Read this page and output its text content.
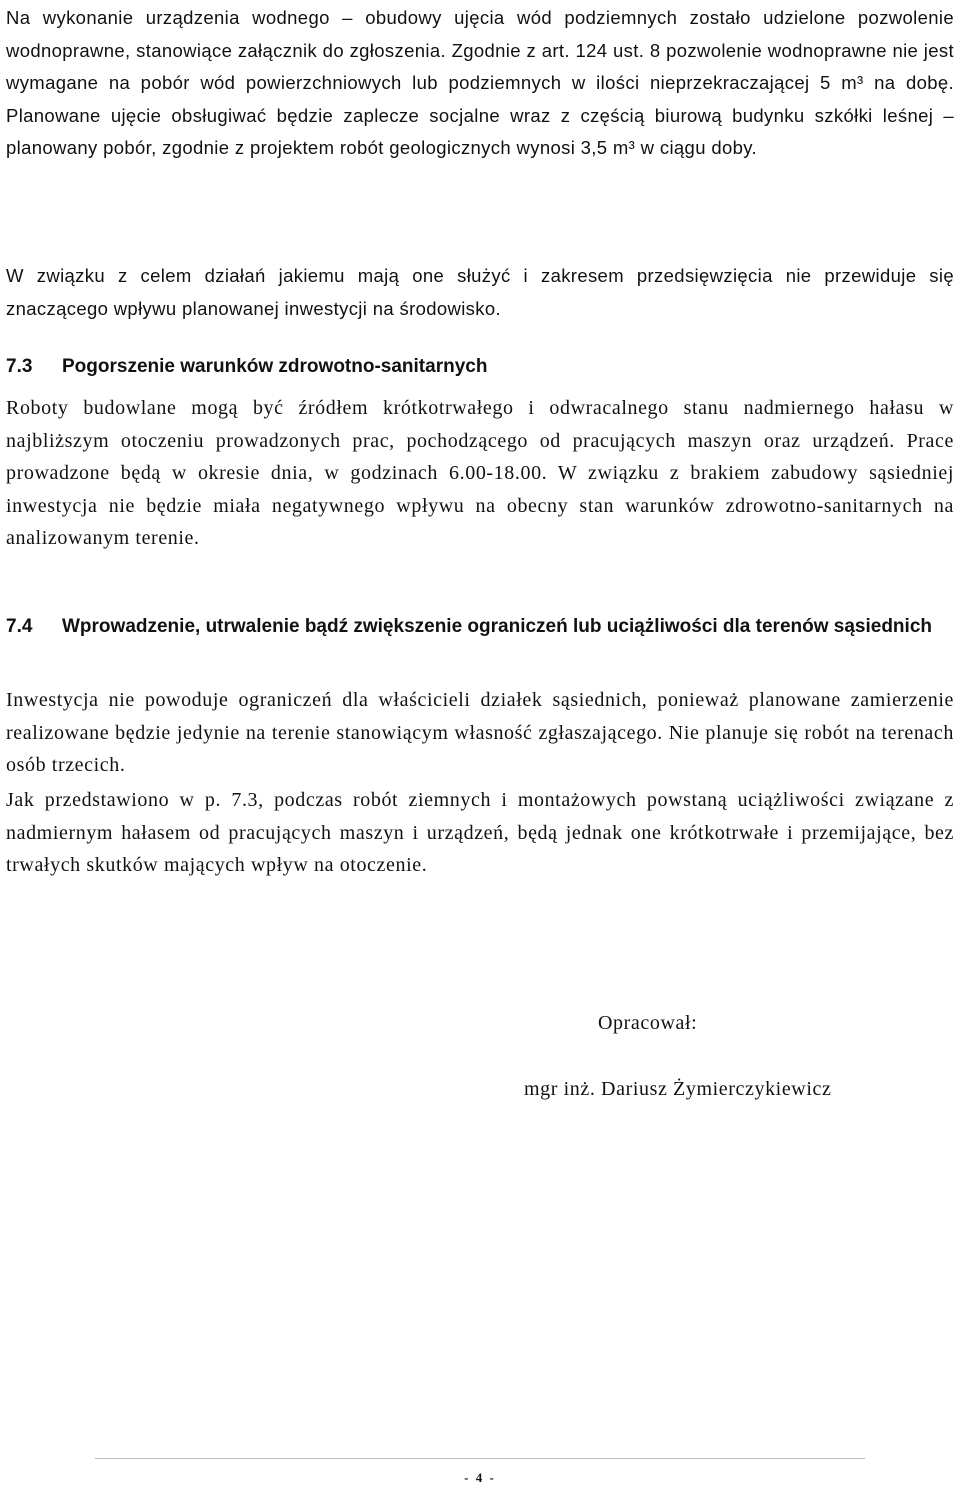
Na wykonanie urządzenia wodnego – obudowy ujęcia wód podziemnych zostało udzielone pozwolenie wodnoprawne, stanowiące załącznik do zgłoszenia. Zgodnie z art. 124 ust. 8 pozwolenie wodnoprawne nie jest wymagane na pobór wód powierzchniowych lub podziemnych w ilości nieprzekraczającej 5 m³ na dobę. Planowane ujęcie obsługiwać będzie zaplecze socjalne wraz z częścią biurową budynku szkółki leśnej – planowany pobór, zgodnie z projektem robót geologicznych wynosi 3,5 m³ w ciągu doby.

W związku z celem działań jakiemu mają one służyć i zakresem przedsięwzięcia nie przewiduje się znaczącego wpływu planowanej inwestycji na środowisko.

7.3	Pogorszenie warunków zdrowotno-sanitarnych

Roboty budowlane mogą być źródłem krótkotrwałego i odwracalnego stanu nadmiernego hałasu w najbliższym otoczeniu prowadzonych prac, pochodzącego od pracujących maszyn oraz urządzeń. Prace prowadzone będą w okresie dnia, w godzinach 6.00-18.00. W związku z brakiem zabudowy sąsiedniej inwestycja nie będzie miała negatywnego wpływu na obecny stan warunków zdrowotno-sanitarnych na analizowanym terenie.

7.4	Wprowadzenie, utrwalenie bądź zwiększenie ograniczeń lub uciążliwości dla terenów sąsiednich

Inwestycja nie powoduje ograniczeń dla właścicieli działek sąsiednich, ponieważ planowane zamierzenie realizowane będzie jedynie na terenie stanowiącym własność zgłaszającego. Nie planuje się robót na terenach osób trzecich.

Jak przedstawiono w p. 7.3, podczas robót ziemnych i montażowych powstaną uciążliwości związane z nadmiernym hałasem od pracujących maszyn i urządzeń, będą jednak one krótkotrwałe i przemijające, bez trwałych skutków mających wpływ na otoczenie.

Opracował:
mgr inż. Dariusz Żymierczykiewicz
- 4 -
